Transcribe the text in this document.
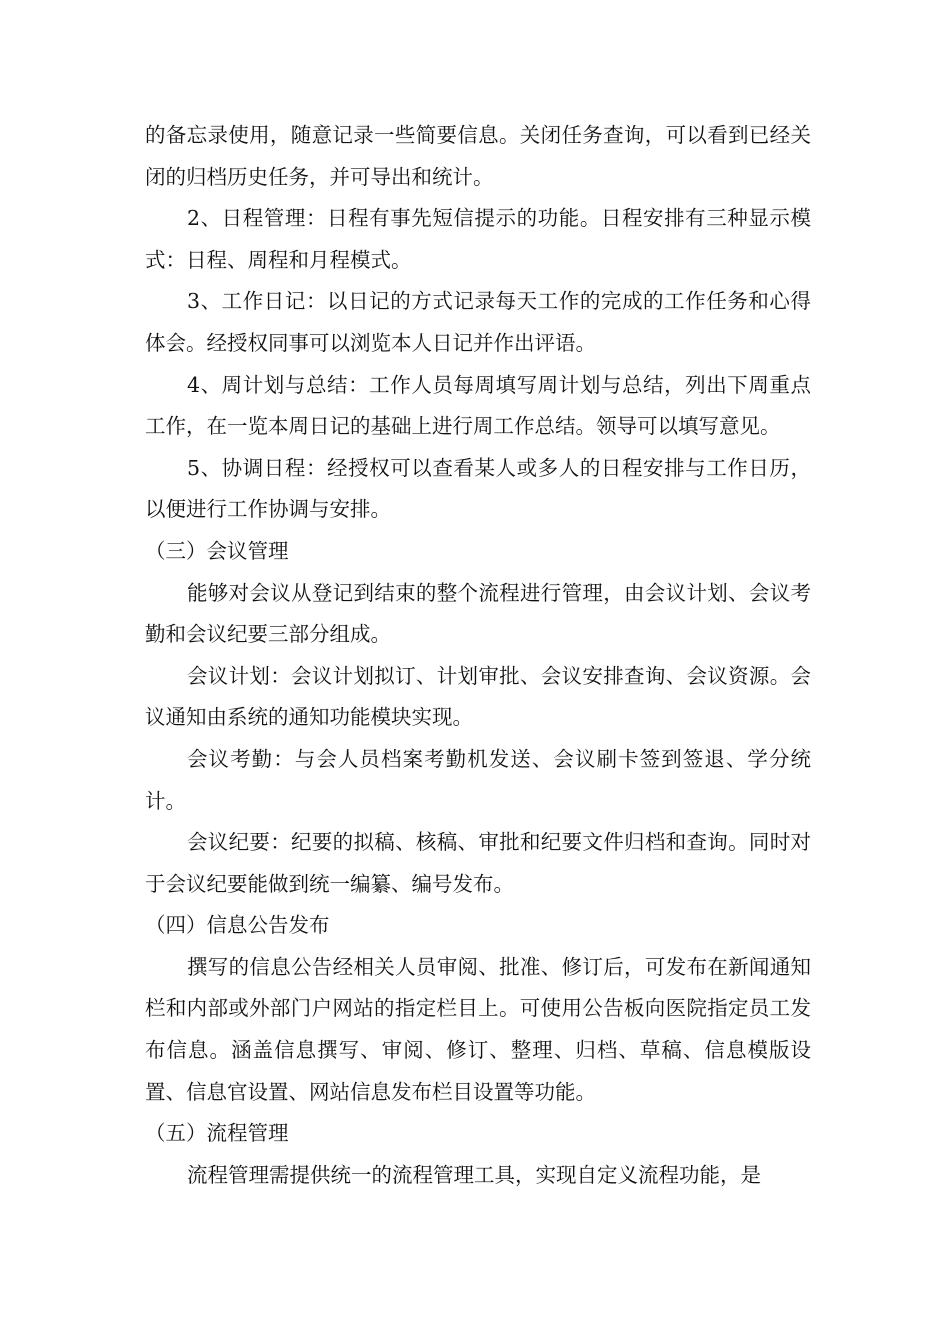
的备忘录使用，随意记录一些简要信息。关闭任务查询，可以看到已经关闭的归档历史任务，并可导出和统计。

2、日程管理：日程有事先短信提示的功能。日程安排有三种显示模式：日程、周程和月程模式。

3、工作日记：以日记的方式记录每天工作的完成的工作任务和心得体会。经授权同事可以浏览本人日记并作出评语。

4、周计划与总结：工作人员每周填写周计划与总结，列出下周重点工作，在一览本周日记的基础上进行周工作总结。领导可以填写意见。

5、协调日程：经授权可以查看某人或多人的日程安排与工作日历，以便进行工作协调与安排。

（三）会议管理

能够对会议从登记到结束的整个流程进行管理，由会议计划、会议考勤和会议纪要三部分组成。

会议计划：会议计划拟订、计划审批、会议安排查询、会议资源。会议通知由系统的通知功能模块实现。

会议考勤：与会人员档案考勤机发送、会议刷卡签到签退、学分统计。

会议纪要：纪要的拟稿、核稿、审批和纪要文件归档和查询。同时对于会议纪要能做到统一编纂、编号发布。

（四）信息公告发布

撰写的信息公告经相关人员审阅、批准、修订后，可发布在新闻通知栏和内部或外部门户网站的指定栏目上。可使用公告板向医院指定员工发布信息。涵盖信息撰写、审阅、修订、整理、归档、草稿、信息模版设置、信息官设置、网站信息发布栏目设置等功能。

（五）流程管理

流程管理需提供统一的流程管理工具，实现自定义流程功能，是
